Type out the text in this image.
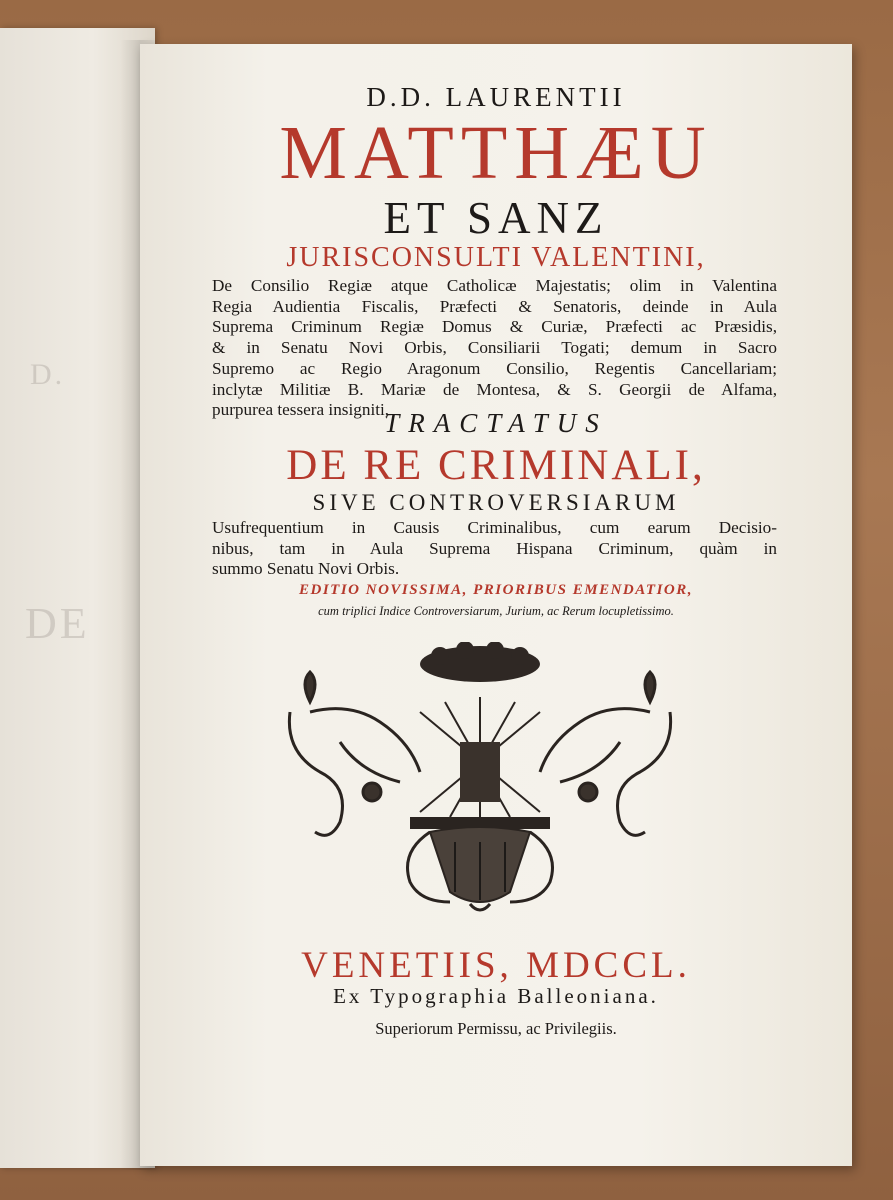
D.
DE
D.D. LAURENTII
MATTHÆU
ET SANZ
JURISCONSULTI VALENTINI,
De Consilio Regiæ atque Catholicæ Majestatis; olim in Valentina
Regia Audientia Fiscalis, Præfecti & Senatoris, deinde in Aula
Suprema Criminum Regiæ Domus & Curiæ, Præfecti ac Præsidis,
& in Senatu Novi Orbis, Consiliarii Togati; demum in Sacro
Supremo ac Regio Aragonum Consilio, Regentis Cancellariam;
inclytæ Militiæ B. Mariæ de Montesa, & S. Georgii de Alfama,
purpurea tessera insigniti,
TRACTATUS
DE RE CRIMINALI,
SIVE CONTROVERSIARUM
Usufrequentium in Causis Criminalibus, cum earum Decisio-
nibus, tam in Aula Suprema Hispana Criminum, quàm in
summo Senatu Novi Orbis.
EDITIO NOVISSIMA, PRIORIBUS EMENDATIOR,
cum triplici Indice Controversiarum, Jurium, ac Rerum locupletissimo.
VENETIIS, MDCCL.
Ex Typographia Balleoniana.
Superiorum Permissu, ac Privilegiis.
